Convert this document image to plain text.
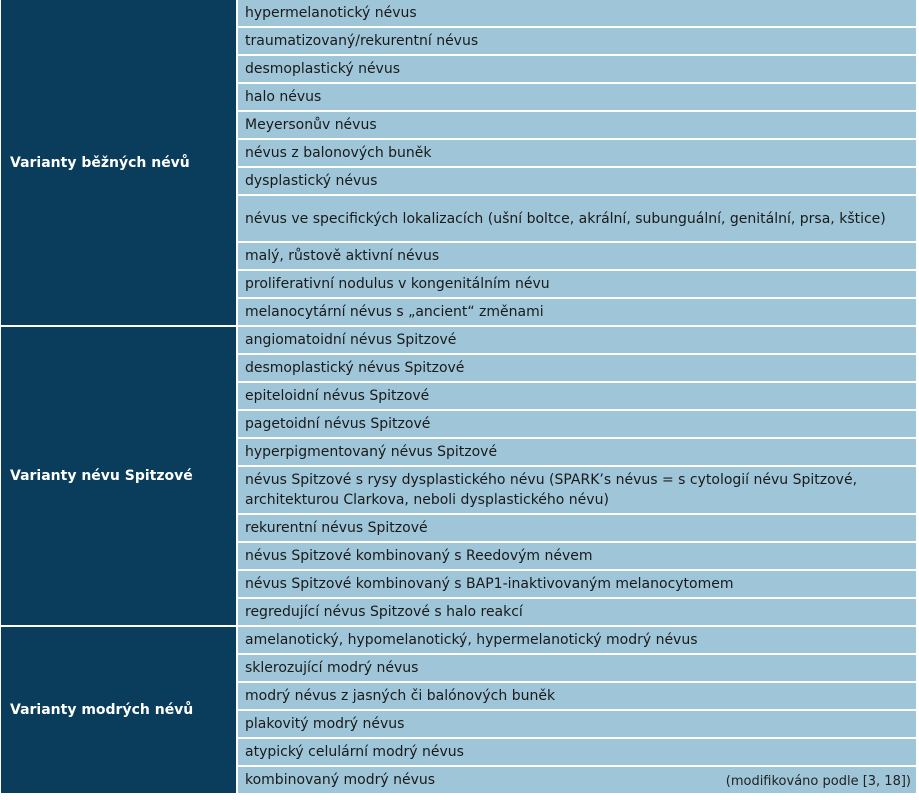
Varianty běžných névů	hypermelanotický névus
	traumatizovaný/rekurentní névus
	desmoplastický névus
	halo névus
	Meyersonův névus
	névus z balonových buněk
	dysplastický névus
	névus ve specifických lokalizacích (ušní boltce, akrální, subunguální, genitální, prsa, kštice)
	malý, růstově aktivní névus
	proliferativní nodulus v kongenitálním névu
	melanocytární névus s „ancient“ změnami
Varianty névu Spitzové	angiomatoidní névus Spitzové
	desmoplastický névus Spitzové
	epiteloidní névus Spitzové
	pagetoidní névus Spitzové
	hyperpigmentovaný névus Spitzové
	névus Spitzové s rysy dysplastického névu (SPARK’s névus = s cytologií névu Spitzové, architekturou Clarkova, neboli dysplastického névu)
	rekurentní névus Spitzové
	névus Spitzové kombinovaný s Reedovým névem
	névus Spitzové kombinovaný s BAP1-inaktivovaným melanocytomem
	regredující névus Spitzové s halo reakcí
Varianty modrých névů	amelanotický, hypomelanotický, hypermelanotický modrý névus
	sklerozující modrý névus
	modrý névus z jasných či balónových buněk
	plakovitý modrý névus
	atypický celulární modrý névus
	kombinovaný modrý névus	(modifikováno podle [3, 18])
